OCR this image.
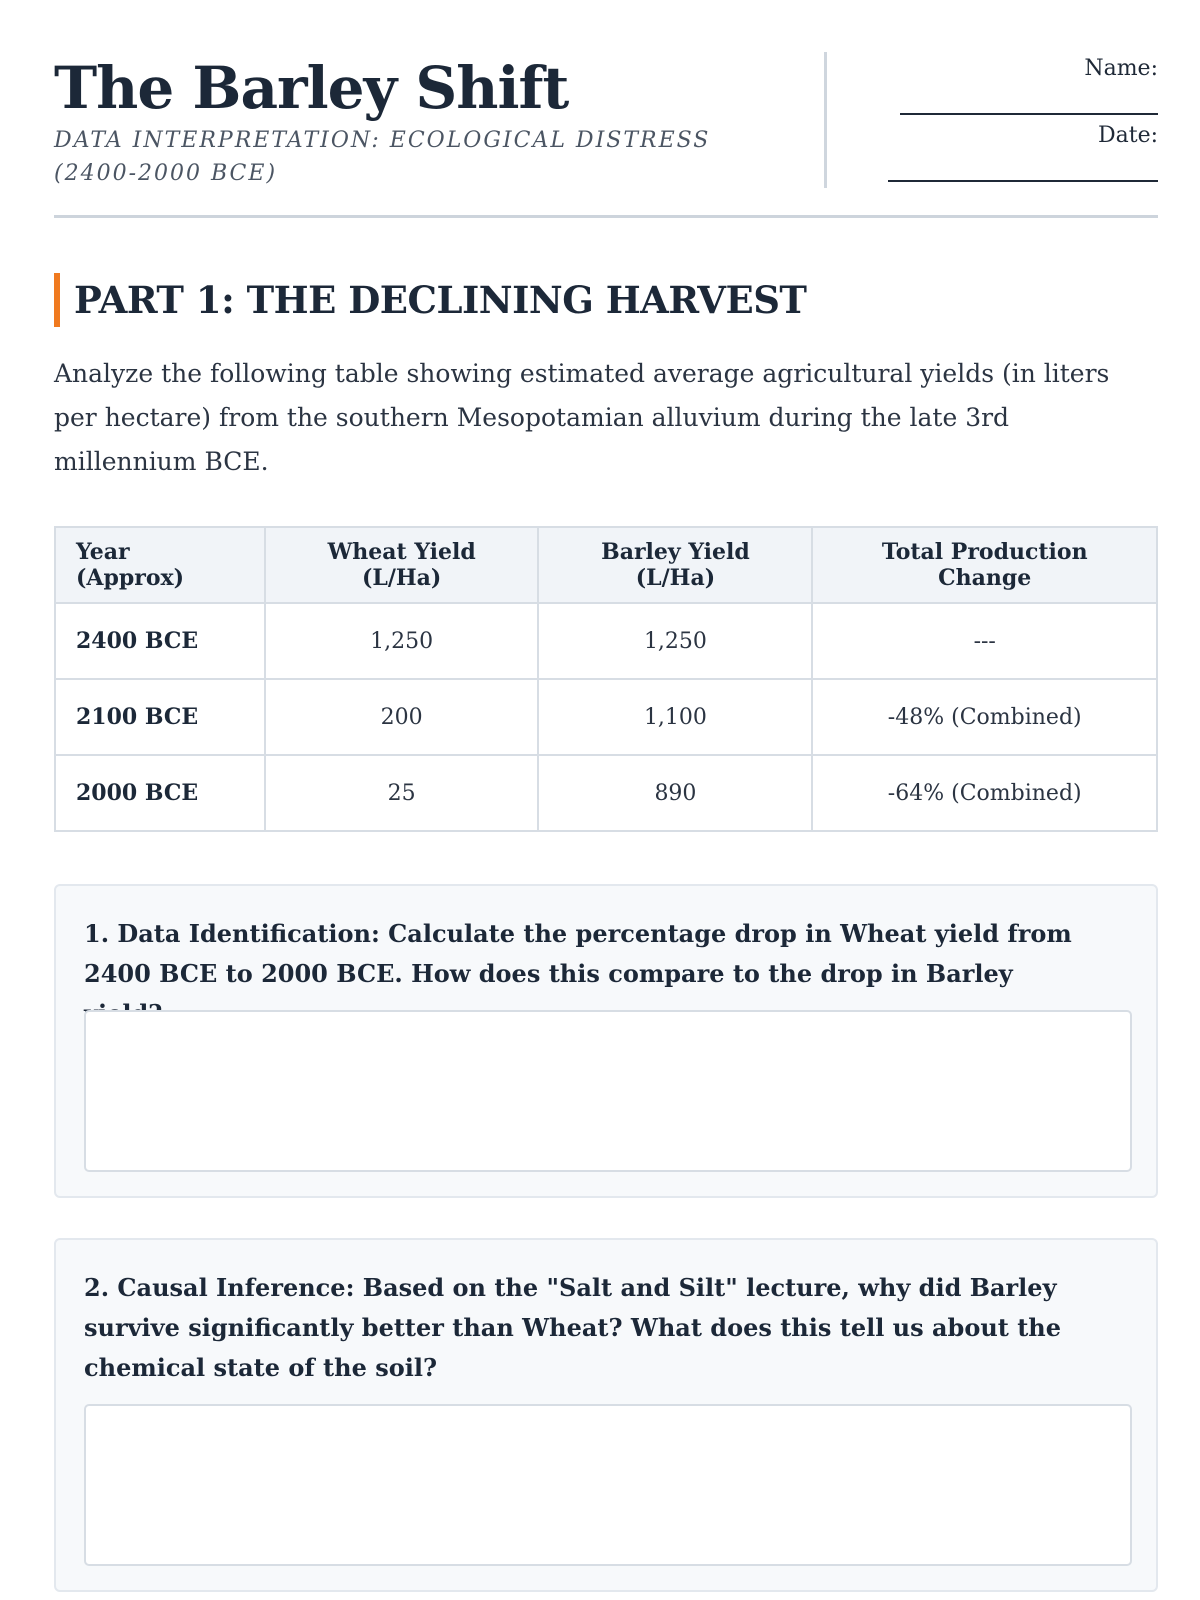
The Barley Shift
DATA INTERPRETATION: ECOLOGICAL DISTRESS (2400-2000 BCE)
Name:
Date:
PART 1: THE DECLINING HARVEST

Analyze the following table showing estimated average agricultural yields (in liters per hectare) from the southern Mesopotamian alluvium during the late 3rd millennium BCE.

Year (Approx)	Wheat Yield (L/Ha)	Barley Yield (L/Ha)	Total Production Change
2400 BCE	1,250	1,250	---
2100 BCE	200	1,100	-48% (Combined)
2000 BCE	25	890	-64% (Combined)
1. Data Identification: Calculate the percentage drop in Wheat yield from 2400 BCE to 2000 BCE. How does this compare to the drop in Barley
2. Causal Inference: Based on the "Salt and Silt" lecture, why did Barley survive significantly better than Wheat? What does this tell us about the chemical state of the soil?
